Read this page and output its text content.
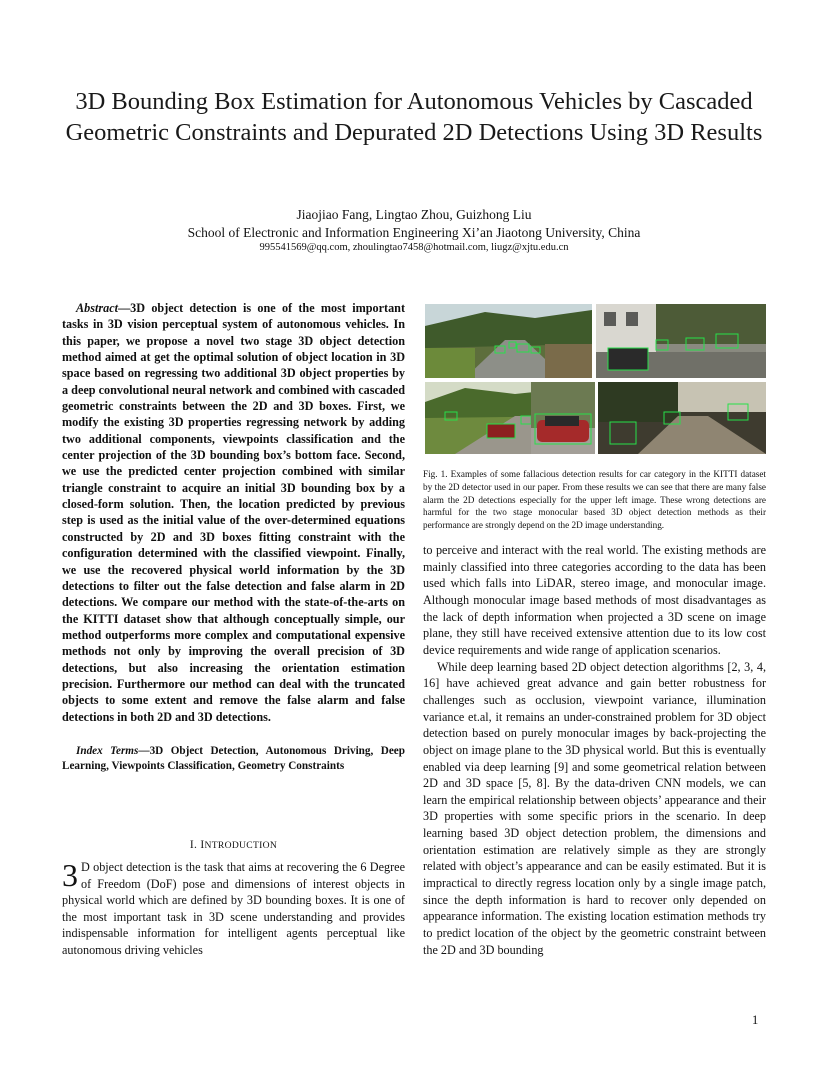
3D Bounding Box Estimation for Autonomous Vehicles by Cascaded Geometric Constraints and Depurated 2D Detections Using 3D Results
Jiaojiao Fang, Lingtao Zhou, Guizhong Liu
School of Electronic and Information Engineering Xi’an Jiaotong University, China
995541569@qq.com, zhoulingtao7458@hotmail.com, liugz@xjtu.edu.cn

Abstract—3D object detection is one of the most important tasks in 3D vision perceptual system of autonomous vehicles. In this paper, we propose a novel two stage 3D object detection method aimed at get the optimal solution of object location in 3D space based on regressing two additional 3D object properties by a deep convolutional neural network and combined with cascaded geometric constraints between the 2D and 3D boxes. First, we modify the existing 3D properties regressing network by adding two additional components, viewpoints classification and the center projection of the 3D bounding box’s bottom face. Second, we use the predicted center projection combined with similar triangle constraint to acquire an initial 3D bounding box by a closed-form solution. Then, the location predicted by previous step is used as the initial value of the over-determined equations constructed by 2D and 3D boxes fitting constraint with the configuration determined with the classified viewpoint. Finally, we use the recovered physical world information by the 3D detections to filter out the false detection and false alarm in 2D detections. We compare our method with the state-of-the-arts on the KITTI dataset show that although conceptually simple, our method outperforms more complex and computational expensive methods not only by improving the overall precision of 3D detections, but also increasing the orientation estimation precision. Furthermore our method can deal with the truncated objects to some extent and remove the false alarm and false detections in both 2D and 3D detections.

Index Terms—3D Object Detection, Autonomous Driving, Deep Learning, Viewpoints Classification, Geometry Constraints

I. INTRODUCTION

3 D object detection is the task that aims at recovering the 6 Degree of Freedom (DoF) pose and dimensions of interest objects in physical world which are defined by 3D bounding boxes. It is one of the most important task in 3D scene understanding and provides indispensable information for intelligent agents perceptual like autonomous driving vehicles

Fig. 1. Examples of some fallacious detection results for car category in the KITTI dataset by the 2D detector used in our paper. From these results we can see that there are many false alarm the 2D detections especially for the upper left image. These wrong detections are harmful for the two stage monocular based 3D object detection methods as their performance are strongly depend on the 2D image understanding.

to perceive and interact with the real world. The existing methods are mainly classified into three categories according to the data has been used which falls into LiDAR, stereo image, and monocular image. Although monocular image based methods of most disadvantages as the lack of depth information when projected a 3D scene on image plane, they still have received extensive attention due to its low cost device requirements and wide range of application scenarios.

While deep learning based 2D object detection algorithms [2, 3, 4, 16] have achieved great advance and gain better robustness for challenges such as occlusion, viewpoint variance, illumination variance et.al, it remains an under-constrained problem for 3D object detection based on purely monocular images by back-projecting the object on image plane to the 3D physical world. But this is eventually enabled via deep learning [9] and some geometrical relation between 2D and 3D space [5, 8]. By the data-driven CNN models, we can learn the empirical relationship between objects’ appearance and their 3D properties with some specific priors in the scenario. In deep learning based 3D object detection problem, the dimensions and orientation estimation are relatively simple as they are strongly related with object’s appearance and can be easily estimated. But it is impractical to directly regress location only by a single image patch, since the depth information is hard to recover only depended on appearance information. The existing location estimation methods try to predict location of the object by the geometric constraint between the 2D and 3D bounding

1
